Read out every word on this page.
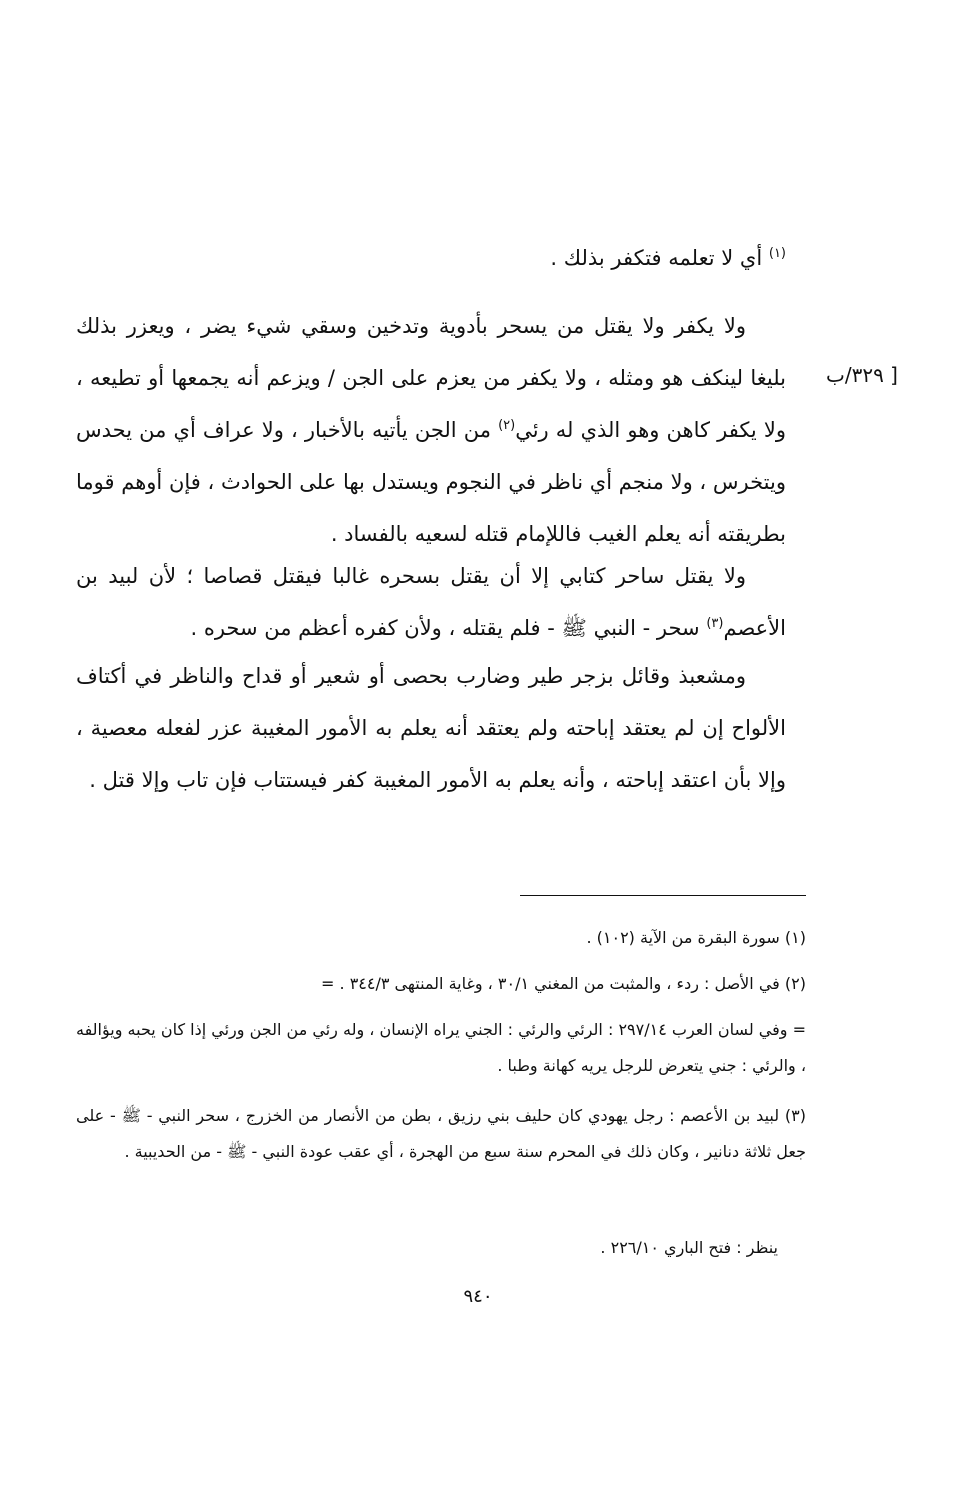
$^{(١)}$ أي لا تعلمه فتكفر بذلك .

[ ٣٢٩/ب

ولا يكفر ولا يقتل من يسحر بأدوية وتدخين وسقي شيء يضر ، ويعزر بذلك بليغا لينكف هو ومثله ، ولا يكفر من يعزم على الجن / ويزعم أنه يجمعها أو تطيعه ، ولا يكفر كاهن وهو الذي له رئي$^{(٢)}$ من الجن يأتيه بالأخبار ، ولا عراف أي من يحدس ويتخرس ، ولا منجم أي ناظر في النجوم ويستدل بها على الحوادث ، فإن أوهم قوما بطريقته أنه يعلم الغيب فاللإمام قتله لسعيه بالفساد .

ولا يقتل ساحر كتابي إلا أن يقتل بسحره غالبا فيقتل قصاصا ؛ لأن لبيد بن الأعصم$^{(٣)}$ سحر - النبي ﷺ - فلم يقتله ، ولأن كفره أعظم من سحره .

ومشعبذ وقائل بزجر طير وضارب بحصى أو شعير أو قداح والناظر في أكتاف الألواح إن لم يعتقد إباحته ولم يعتقد أنه يعلم به الأمور المغيبة عزر لفعله معصية ، وإلا بأن اعتقد إباحته ، وأنه يعلم به الأمور المغيبة كفر فيستتاب فإن تاب وإلا قتل .

(١) سورة البقرة من الآية (١٠٢) .

(٢) في الأصل : ردء ، والمثبت من المغني ٣٠/١ ، وغاية المنتهى ٣٤٤/٣ . =

= وفي لسان العرب ٢٩٧/١٤ : الرئي والرئي : الجني يراه الإنسان ، وله رئي من الجن ورئي إذا كان يحبه ويؤالفه ، والرئي : جني يتعرض للرجل يريه كهانة وطبا .

(٣) لبيد بن الأعصم : رجل يهودي كان حليف بني رزيق ، بطن من الأنصار من الخزرج ، سحر النبي - ﷺ - على جعل ثلاثة دنانير ، وكان ذلك في المحرم سنة سبع من الهجرة ، أي عقب عودة النبي - ﷺ - من الحديبية .

ينظر : فتح الباري ٢٢٦/١٠ .

٩٤٠
